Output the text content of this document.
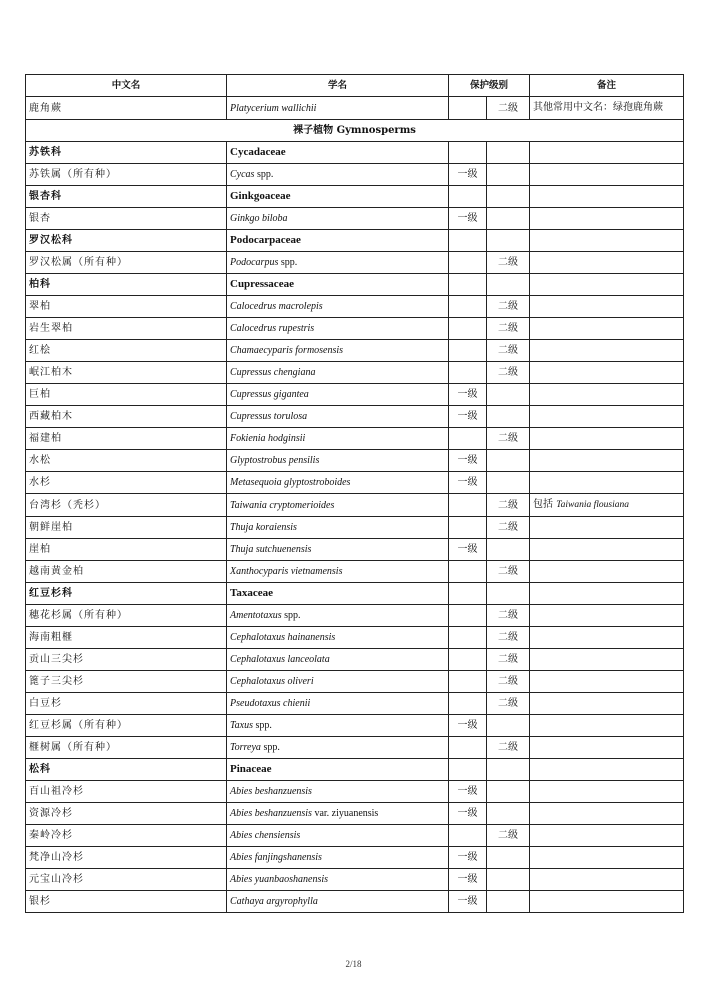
中文名	学名	保护级别		备注
鹿角蕨	Platycerium wallichii		二级	其他常用中文名：绿孢鹿角蕨
裸子植物 Gymnosperms				
苏铁科	Cycadaceae			
苏铁属（所有种）	Cycas spp.	一级		
银杏科	Ginkgoaceae			
银杏	Ginkgo biloba	一级		
罗汉松科	Podocarpaceae			
罗汉松属（所有种）	Podocarpus spp.		二级	
柏科	Cupressaceae			
翠柏	Calocedrus macrolepis		二级	
岩生翠柏	Calocedrus rupestris		二级	
红桧	Chamaecyparis formosensis		二级	
岷江柏木	Cupressus chengiana		二级	
巨柏	Cupressus gigantea	一级		
西藏柏木	Cupressus torulosa	一级		
福建柏	Fokienia hodginsii		二级	
水松	Glyptostrobus pensilis	一级		
水杉	Metasequoia glyptostroboides	一级		
台湾杉（秃杉）	Taiwania cryptomerioides		二级	包括 Taiwania flousiana
朝鲜崖柏	Thuja koraiensis		二级	
崖柏	Thuja sutchuenensis	一级		
越南黄金柏	Xanthocyparis vietnamensis		二级	
红豆杉科	Taxaceae			
穗花杉属（所有种）	Amentotaxus spp.		二级	
海南粗榧	Cephalotaxus hainanensis		二级	
贡山三尖杉	Cephalotaxus lanceolata		二级	
篦子三尖杉	Cephalotaxus oliveri		二级	
白豆杉	Pseudotaxus chienii		二级	
红豆杉属（所有种）	Taxus spp.	一级		
榧树属（所有种）	Torreya spp.		二级	
松科	Pinaceae			
百山祖冷杉	Abies beshanzuensis	一级		
资源冷杉	Abies beshanzuensis var. ziyuanensis	一级		
秦岭冷杉	Abies chensiensis		二级	
梵净山冷杉	Abies fanjingshanensis	一级		
元宝山冷杉	Abies yuanbaoshanensis	一级		
银杉	Cathaya argyrophylla	一级		
2/18
